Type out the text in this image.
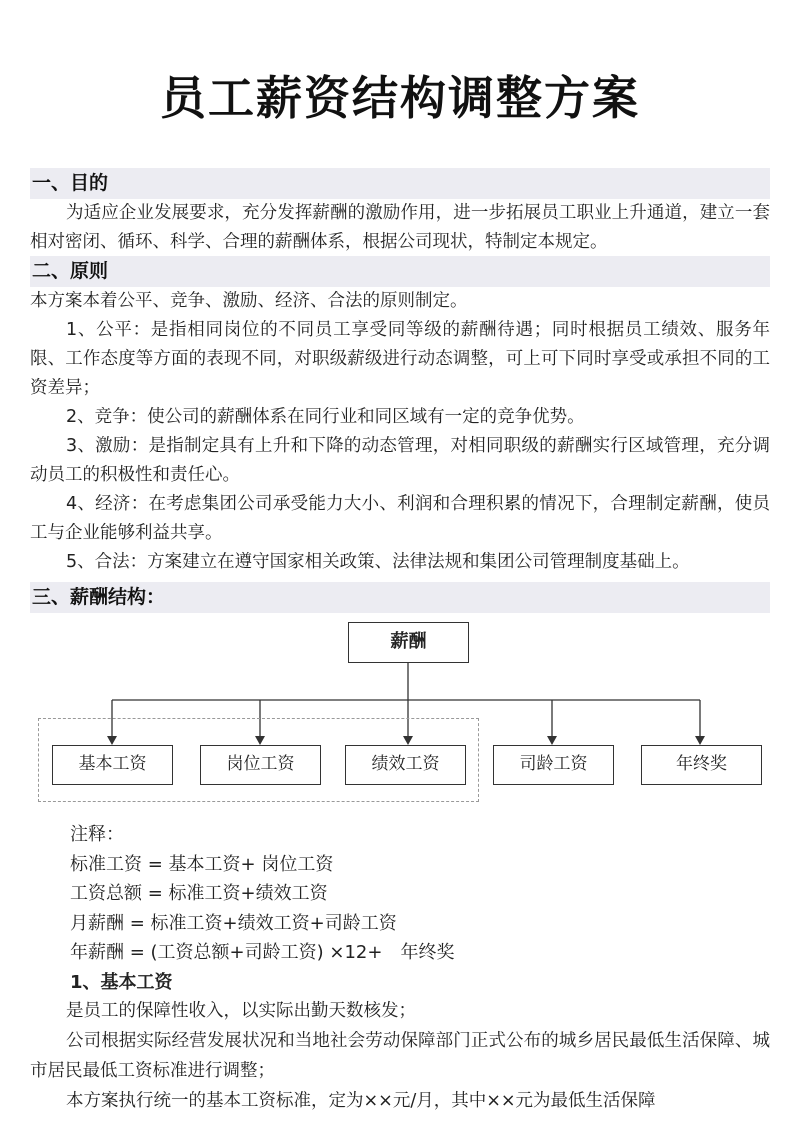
员工薪资结构调整方案
一、目的

为适应企业发展要求，充分发挥薪酬的激励作用，进一步拓展员工职业上升通道，建立一套相对密闭、循环、科学、合理的薪酬体系，根据公司现状，特制定本规定。

二、原则

本方案本着公平、竞争、激励、经济、合法的原则制定。

1、公平：是指相同岗位的不同员工享受同等级的薪酬待遇；同时根据员工绩效、服务年限、工作态度等方面的表现不同，对职级薪级进行动态调整，可上可下同时享受或承担不同的工资差异；

2、竞争：使公司的薪酬体系在同行业和同区域有一定的竞争优势。

3、激励：是指制定具有上升和下降的动态管理，对相同职级的薪酬实行区域管理，充分调动员工的积极性和责任心。

4、经济：在考虑集团公司承受能力大小、利润和合理积累的情况下，合理制定薪酬，使员工与企业能够利益共享。

5、合法：方案建立在遵守国家相关政策、法律法规和集团公司管理制度基础上。

三、薪酬结构：
薪酬
基本工资	岗位工资	绩效工资	司龄工资	年终奖

注释：

标准工资 = 基本工资+ 岗位工资

工资总额 = 标准工资+绩效工资

月薪酬 = 标准工资+绩效工资+司龄工资

年薪酬 = (工资总额+司龄工资) ×12+　年终奖

1、基本工资

是员工的保障性收入，以实际出勤天数核发；

公司根据实际经营发展状况和当地社会劳动保障部门正式公布的城乡居民最低生活保障、城市居民最低工资标准进行调整；

本方案执行统一的基本工资标准，定为××元/月，其中××元为最低生活保障
